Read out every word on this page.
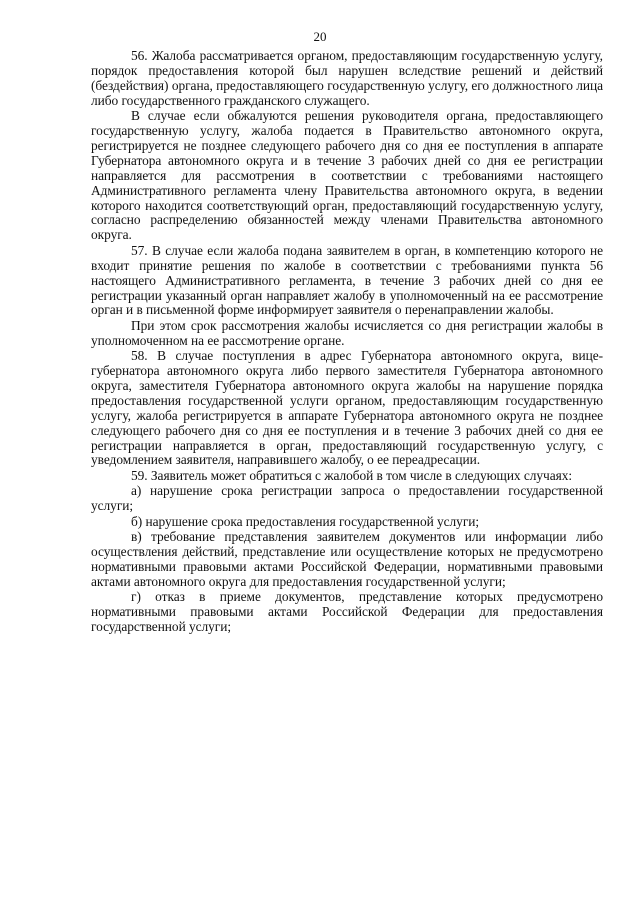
20

56. Жалоба рассматривается органом, предоставляющим государственную услугу, порядок предоставления которой был нарушен вследствие решений и действий (бездействия) органа, предоставляющего государственную услугу, его должностного лица либо государственного гражданского служащего.

В случае если обжалуются решения руководителя органа, предоставляющего государственную услугу, жалоба подается в Правительство автономного округа, регистрируется не позднее следующего рабочего дня со дня ее поступления в аппарате Губернатора автономного округа и в течение 3 рабочих дней со дня ее регистрации направляется для рассмотрения в соответствии с требованиями настоящего Административного регламента члену Правительства автономного округа, в ведении которого находится соответствующий орган, предоставляющий государственную услугу, согласно распределению обязанностей между членами Правительства автономного округа.

57. В случае если жалоба подана заявителем в орган, в компетенцию которого не входит принятие решения по жалобе в соответствии с требованиями пункта 56 настоящего Административного регламента, в течение 3 рабочих дней со дня ее регистрации указанный орган направляет жалобу в уполномоченный на ее рассмотрение орган и в письменной форме информирует заявителя о перенаправлении жалобы.

При этом срок рассмотрения жалобы исчисляется со дня регистрации жалобы в уполномоченном на ее рассмотрение органе.

58. В случае поступления в адрес Губернатора автономного округа, вице-губернатора автономного округа либо первого заместителя Губернатора автономного округа, заместителя Губернатора автономного округа жалобы на нарушение порядка предоставления государственной услуги органом, предоставляющим государственную услугу, жалоба регистрируется в аппарате Губернатора автономного округа не позднее следующего рабочего дня со дня ее поступления и в течение 3 рабочих дней со дня ее регистрации направляется в орган, предоставляющий государственную услугу, с уведомлением заявителя, направившего жалобу, о ее переадресации.

59. Заявитель может обратиться с жалобой в том числе в следующих случаях:

а) нарушение срока регистрации запроса о предоставлении государственной услуги;

б) нарушение срока предоставления государственной услуги;

в) требование представления заявителем документов или информации либо осуществления действий, представление или осуществление которых не предусмотрено нормативными правовыми актами Российской Федерации, нормативными правовыми актами автономного округа для предоставления государственной услуги;

г) отказ в приеме документов, представление которых предусмотрено нормативными правовыми актами Российской Федерации для предоставления государственной услуги;
